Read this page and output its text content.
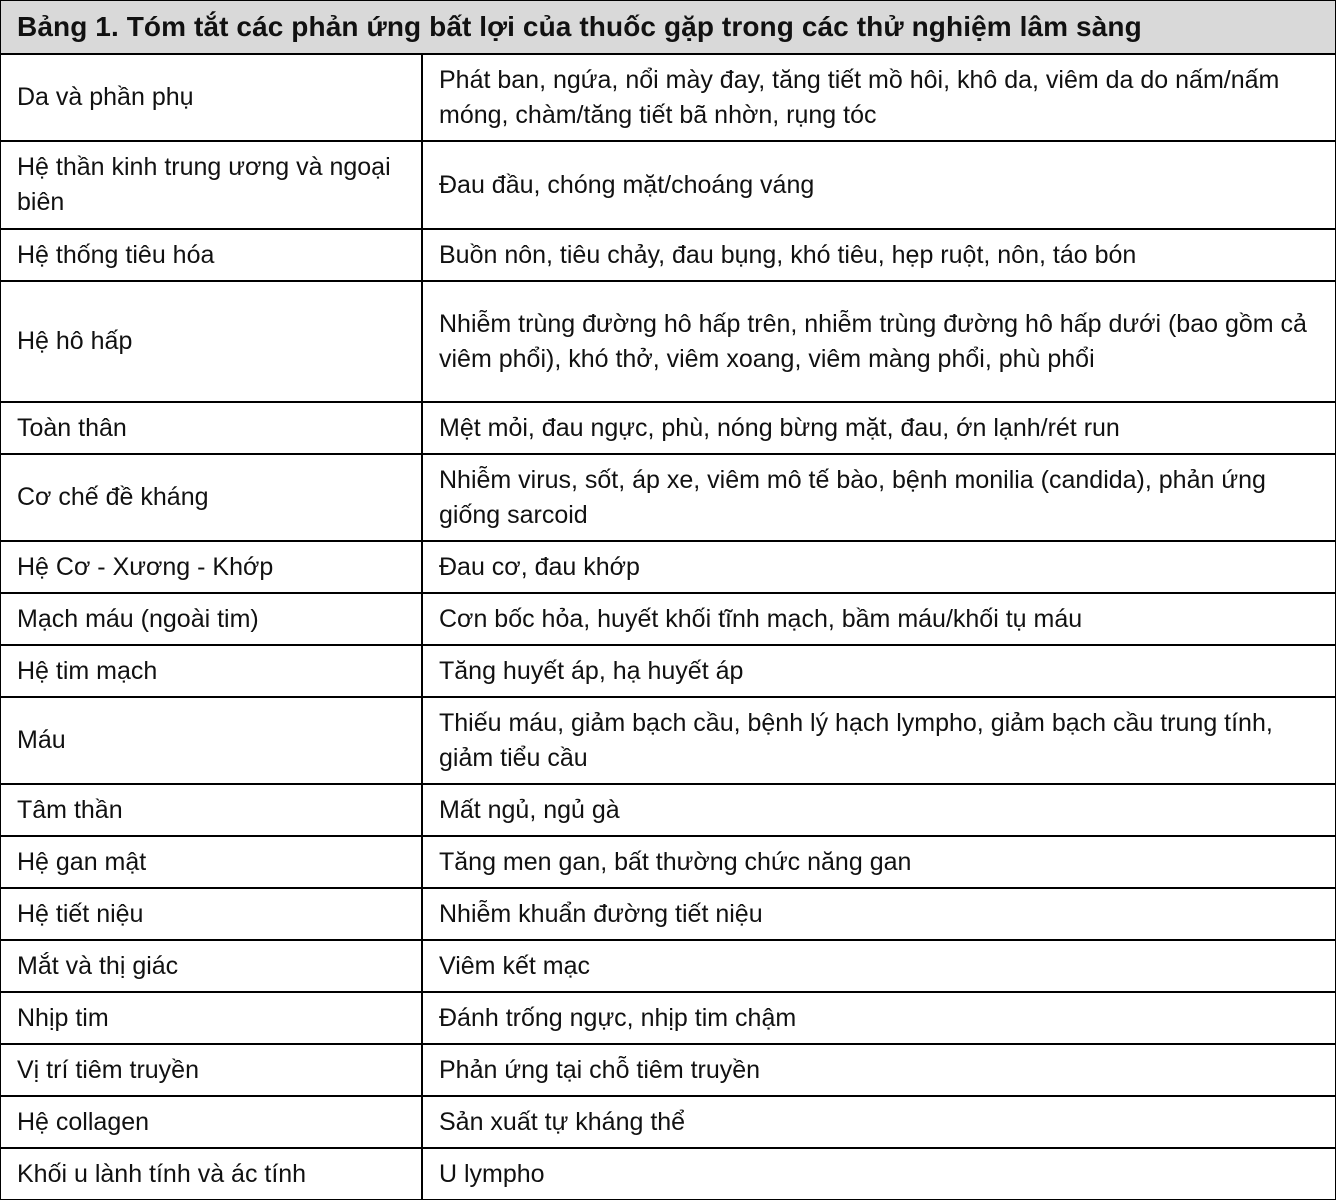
Bảng 1. Tóm tắt các phản ứng bất lợi của thuốc gặp trong các thử nghiệm lâm sàng
Da và phần phụ	Phát ban, ngứa, nổi mày đay, tăng tiết mồ hôi, khô da, viêm da do nấm/nấm móng, chàm/tăng tiết bã nhờn, rụng tóc
Hệ thần kinh trung ương và ngoại biên	Đau đầu, chóng mặt/choáng váng
Hệ thống tiêu hóa	Buồn nôn, tiêu chảy, đau bụng, khó tiêu, hẹp ruột, nôn, táo bón
Hệ hô hấp	Nhiễm trùng đường hô hấp trên, nhiễm trùng đường hô hấp dưới (bao gồm cả viêm phổi), khó thở, viêm xoang, viêm màng phổi, phù phổi
Toàn thân	Mệt mỏi, đau ngực, phù, nóng bừng mặt, đau, ớn lạnh/rét run
Cơ chế đề kháng	Nhiễm virus, sốt, áp xe, viêm mô tế bào, bệnh monilia (candida), phản ứng giống sarcoid
Hệ Cơ - Xương - Khớp	Đau cơ, đau khớp
Mạch máu (ngoài tim)	Cơn bốc hỏa, huyết khối tĩnh mạch, bầm máu/khối tụ máu
Hệ tim mạch	Tăng huyết áp, hạ huyết áp
Máu	Thiếu máu, giảm bạch cầu, bệnh lý hạch lympho, giảm bạch cầu trung tính, giảm tiểu cầu
Tâm thần	Mất ngủ, ngủ gà
Hệ gan mật	Tăng men gan, bất thường chức năng gan
Hệ tiết niệu	Nhiễm khuẩn đường tiết niệu
Mắt và thị giác	Viêm kết mạc
Nhịp tim	Đánh trống ngực, nhịp tim chậm
Vị trí tiêm truyền	Phản ứng tại chỗ tiêm truyền
Hệ collagen	Sản xuất tự kháng thể
Khối u lành tính và ác tính	U lympho
